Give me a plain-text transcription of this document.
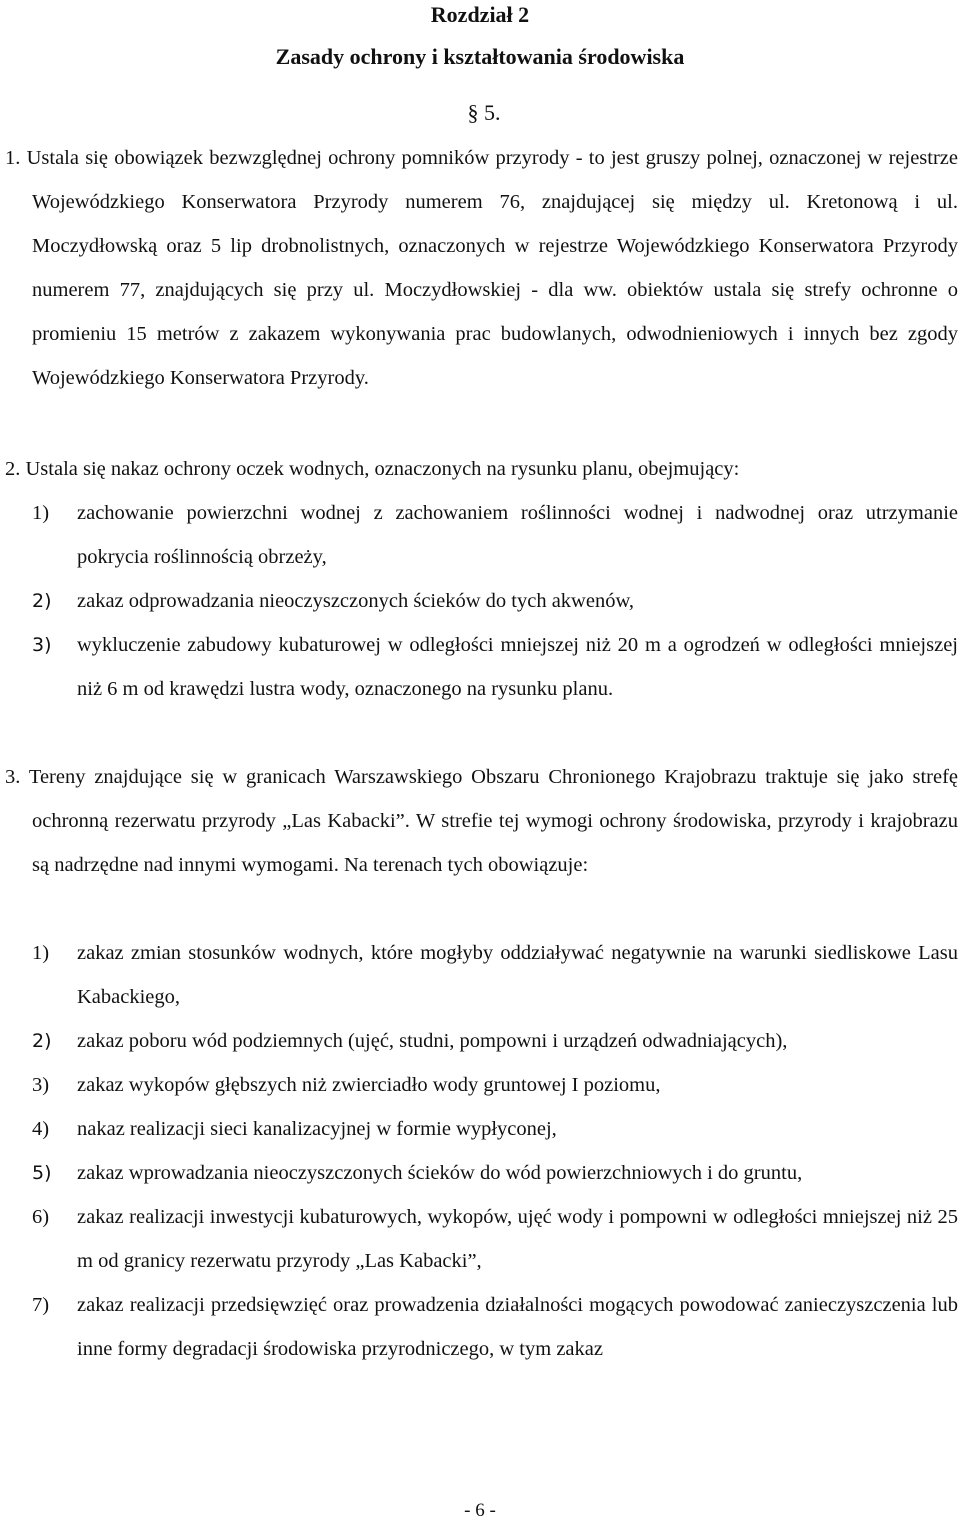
Rozdział 2
Zasady ochrony i kształtowania środowiska
§ 5.
1. Ustala się obowiązek bezwzględnej ochrony pomników przyrody - to jest gruszy polnej, oznaczonej w rejestrze Wojewódzkiego Konserwatora Przyrody numerem 76, znajdującej się między ul. Kretonową i ul. Moczydłowską oraz 5 lip drobnolistnych, oznaczonych w rejestrze Wojewódzkiego Konserwatora Przyrody numerem 77, znajdujących się przy ul. Moczydłowskiej - dla ww. obiektów ustala się strefy ochronne o promieniu 15 metrów z zakazem wykonywania prac budowlanych, odwodnieniowych i innych bez zgody Wojewódzkiego Konserwatora Przyrody.
2. Ustala się nakaz ochrony oczek wodnych, oznaczonych na rysunku planu, obejmujący:
1)	zachowanie powierzchni wodnej z zachowaniem roślinności wodnej i nadwodnej oraz utrzymanie pokrycia roślinnością obrzeży,
2)	zakaz odprowadzania nieoczyszczonych ścieków do tych akwenów,
3)	wykluczenie zabudowy kubaturowej w odległości mniejszej niż 20 m a ogrodzeń w odległości mniejszej niż 6 m od krawędzi lustra wody, oznaczonego na rysunku planu.
3. Tereny znajdujące się w granicach Warszawskiego Obszaru Chronionego Krajobrazu traktuje się jako strefę ochronną rezerwatu przyrody „Las Kabacki”. W strefie tej wymogi ochrony środowiska, przyrody i krajobrazu są nadrzędne nad innymi wymogami. Na terenach tych obowiązuje:
1)	zakaz zmian stosunków wodnych, które mogłyby oddziaływać negatywnie na warunki siedliskowe Lasu Kabackiego,
2)	zakaz poboru wód podziemnych (ujęć, studni, pompowni i urządzeń odwadniających),
3)	zakaz wykopów głębszych niż zwierciadło wody gruntowej I poziomu,
4)	nakaz realizacji sieci kanalizacyjnej w formie wypłyconej,
5)	zakaz wprowadzania nieoczyszczonych ścieków do wód powierzchniowych i do gruntu,
6)	zakaz realizacji inwestycji kubaturowych, wykopów, ujęć wody i pompowni w odległości mniejszej niż 25 m od granicy rezerwatu przyrody „Las Kabacki”,
7)	zakaz realizacji przedsięwzięć oraz prowadzenia działalności mogących powodować zanieczyszczenia lub inne formy degradacji środowiska przyrodniczego, w tym zakaz
- 6 -
